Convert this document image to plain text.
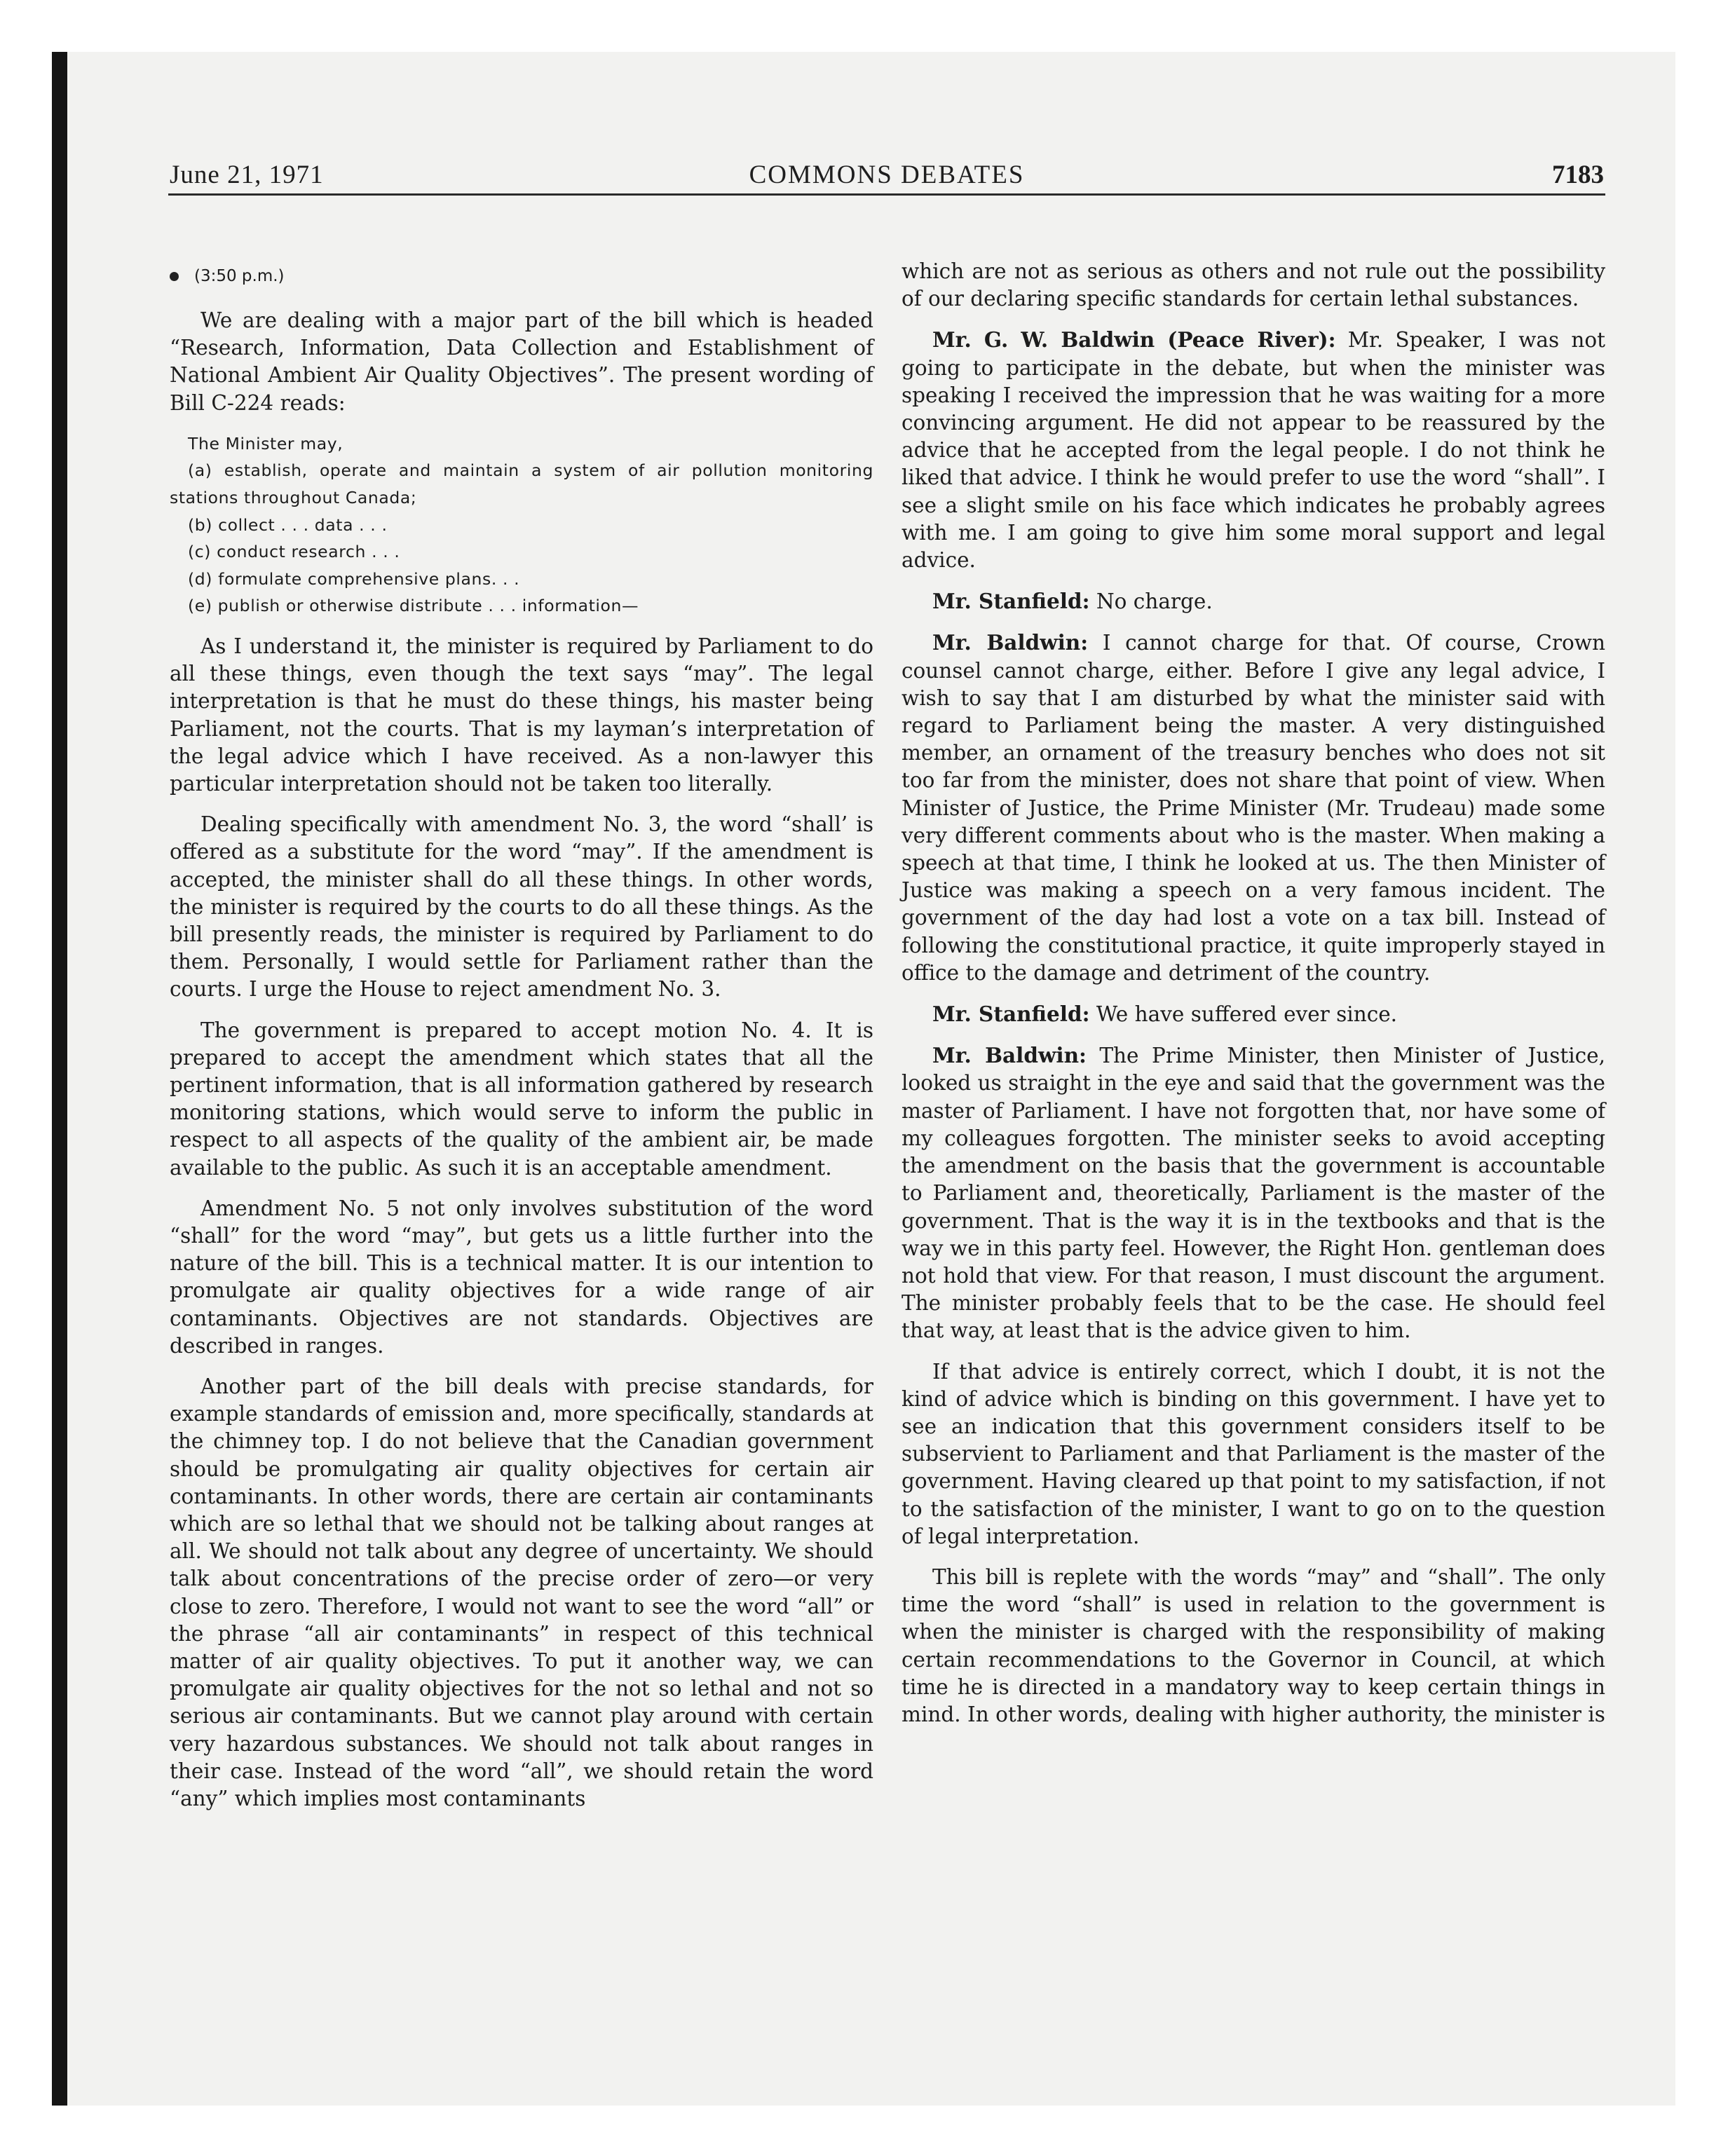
June 21, 1971	COMMONS DEBATES	7183
(3:50 p.m.)

We are dealing with a major part of the bill which is headed “Research, Information, Data Collection and Establishment of National Ambient Air Quality Objectives”. The present wording of Bill C-224 reads:

The Minister may,
(a) establish, operate and maintain a system of air pollution monitoring stations throughout Canada;
(b) collect . . . data . . .
(c) conduct research . . .
(d) formulate comprehensive plans. . .
(e) publish or otherwise distribute . . . information—

As I understand it, the minister is required by Parliament to do all these things, even though the text says “may”. The legal interpretation is that he must do these things, his master being Parliament, not the courts. That is my layman’s interpretation of the legal advice which I have received. As a non-lawyer this particular interpretation should not be taken too literally.

Dealing specifically with amendment No. 3, the word “shall’ is offered as a substitute for the word “may”. If the amendment is accepted, the minister shall do all these things. In other words, the minister is required by the courts to do all these things. As the bill presently reads, the minister is required by Parliament to do them. Personally, I would settle for Parliament rather than the courts. I urge the House to reject amendment No. 3.

The government is prepared to accept motion No. 4. It is prepared to accept the amendment which states that all the pertinent information, that is all information gathered by research monitoring stations, which would serve to inform the public in respect to all aspects of the quality of the ambient air, be made available to the public. As such it is an acceptable amendment.

Amendment No. 5 not only involves substitution of the word “shall” for the word “may”, but gets us a little further into the nature of the bill. This is a technical matter. It is our intention to promulgate air quality objectives for a wide range of air contaminants. Objectives are not standards. Objectives are described in ranges.

Another part of the bill deals with precise standards, for example standards of emission and, more specifically, standards at the chimney top. I do not believe that the Canadian government should be promulgating air quality objectives for certain air contaminants. In other words, there are certain air contaminants which are so lethal that we should not be talking about ranges at all. We should not talk about any degree of uncertainty. We should talk about concentrations of the precise order of zero—or very close to zero. Therefore, I would not want to see the word “all” or the phrase “all air contaminants” in respect of this technical matter of air quality objectives. To put it another way, we can promulgate air quality objectives for the not so lethal and not so serious air contaminants. But we cannot play around with certain very hazardous substances. We should not talk about ranges in their case. Instead of the word “all”, we should retain the word “any” which implies most contaminants

which are not as serious as others and not rule out the possibility of our declaring specific standards for certain lethal substances.

Mr. G. W. Baldwin (Peace River): Mr. Speaker, I was not going to participate in the debate, but when the minister was speaking I received the impression that he was waiting for a more convincing argument. He did not appear to be reassured by the advice that he accepted from the legal people. I do not think he liked that advice. I think he would prefer to use the word “shall”. I see a slight smile on his face which indicates he probably agrees with me. I am going to give him some moral support and legal advice.

Mr. Stanfield: No charge.

Mr. Baldwin: I cannot charge for that. Of course, Crown counsel cannot charge, either. Before I give any legal advice, I wish to say that I am disturbed by what the minister said with regard to Parliament being the master. A very distinguished member, an ornament of the treasury benches who does not sit too far from the minister, does not share that point of view. When Minister of Justice, the Prime Minister (Mr. Trudeau) made some very different comments about who is the master. When making a speech at that time, I think he looked at us. The then Minister of Justice was making a speech on a very famous incident. The government of the day had lost a vote on a tax bill. Instead of following the constitutional practice, it quite improperly stayed in office to the damage and detriment of the country.

Mr. Stanfield: We have suffered ever since.

Mr. Baldwin: The Prime Minister, then Minister of Justice, looked us straight in the eye and said that the government was the master of Parliament. I have not forgotten that, nor have some of my colleagues forgotten. The minister seeks to avoid accepting the amendment on the basis that the government is accountable to Parliament and, theoretically, Parliament is the master of the government. That is the way it is in the textbooks and that is the way we in this party feel. However, the Right Hon. gentleman does not hold that view. For that reason, I must discount the argument. The minister probably feels that to be the case. He should feel that way, at least that is the advice given to him.

If that advice is entirely correct, which I doubt, it is not the kind of advice which is binding on this government. I have yet to see an indication that this government considers itself to be subservient to Parliament and that Parliament is the master of the government. Having cleared up that point to my satisfaction, if not to the satisfaction of the minister, I want to go on to the question of legal interpretation.

This bill is replete with the words “may” and “shall”. The only time the word “shall” is used in relation to the government is when the minister is charged with the responsibility of making certain recommendations to the Governor in Council, at which time he is directed in a mandatory way to keep certain things in mind. In other words, dealing with higher authority, the minister is
